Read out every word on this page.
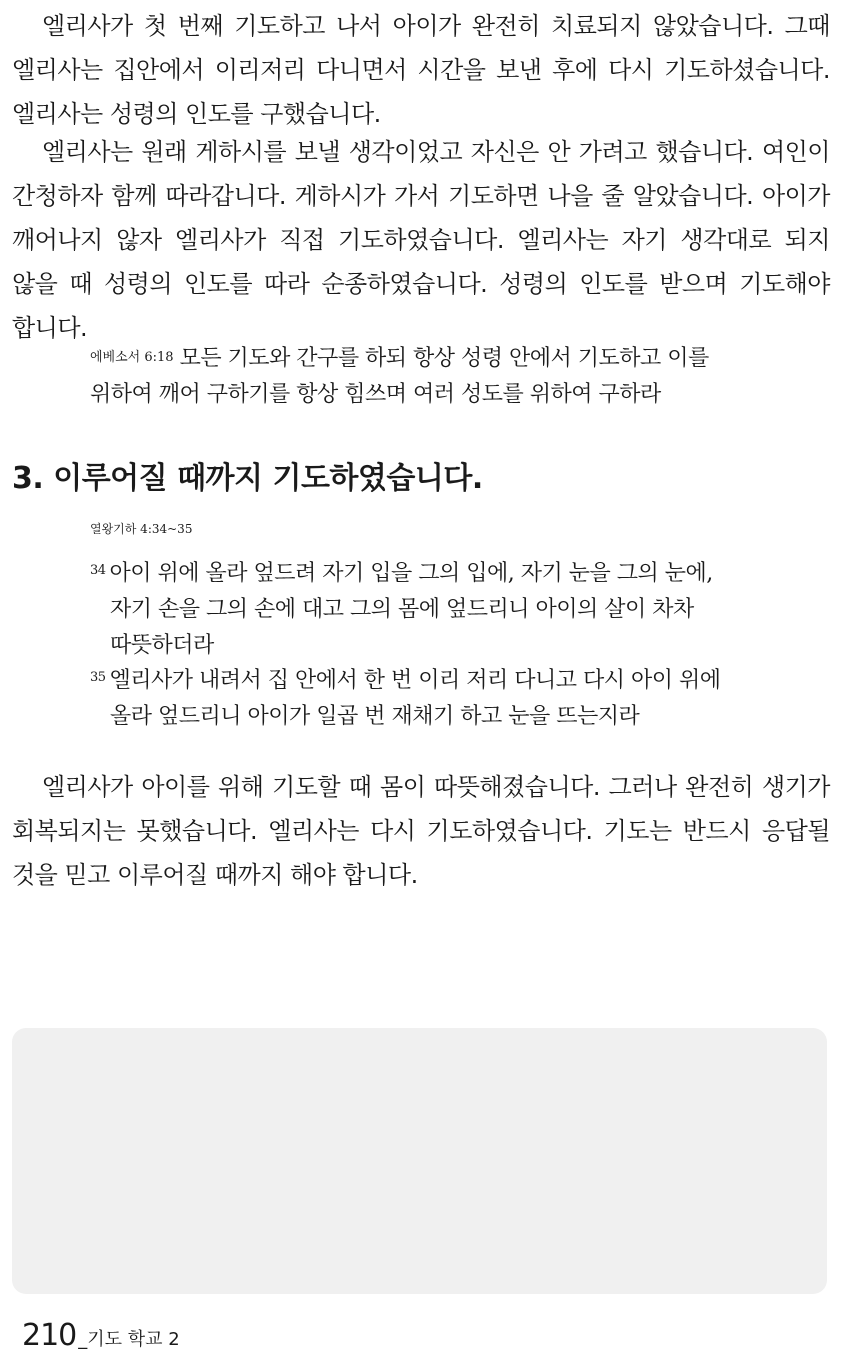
엘리사가 첫 번째 기도하고 나서 아이가 완전히 치료되지 않았습니다. 그때 엘리사는 집안에서 이리저리 다니면서 시간을 보낸 후에 다시 기도하셨습니다. 엘리사는 성령의 인도를 구했습니다.

엘리사는 원래 게하시를 보낼 생각이었고 자신은 안 가려고 했습니다. 여인이 간청하자 함께 따라갑니다. 게하시가 가서 기도하면 나을 줄 알았습니다. 아이가 깨어나지 않자 엘리사가 직접 기도하였습니다. 엘리사는 자기 생각대로 되지 않을 때 성령의 인도를 따라 순종하였습니다. 성령의 인도를 받으며 기도해야 합니다.

에베소서 6:18 모든 기도와 간구를 하되 항상 성령 안에서 기도하고 이를 위하여 깨어 구하기를 항상 힘쓰며 여러 성도를 위하여 구하라

3. 이루어질 때까지 기도하였습니다.
열왕기하 4:34~35

$^{34}$ 아이 위에 올라 엎드려 자기 입을 그의 입에, 자기 눈을 그의 눈에, 자기 손을 그의 손에 대고 그의 몸에 엎드리니 아이의 살이 차차 따뜻하더라

$^{35}$ 엘리사가 내려서 집 안에서 한 번 이리 저리 다니고 다시 아이 위에 올라 엎드리니 아이가 일곱 번 재채기 하고 눈을 뜨는지라

엘리사가 아이를 위해 기도할 때 몸이 따뜻해졌습니다. 그러나 완전히 생기가 회복되지는 못했습니다. 엘리사는 다시 기도하였습니다. 기도는 반드시 응답될 것을 믿고 이루어질 때까지 해야 합니다.

210 _기도 학교 2
